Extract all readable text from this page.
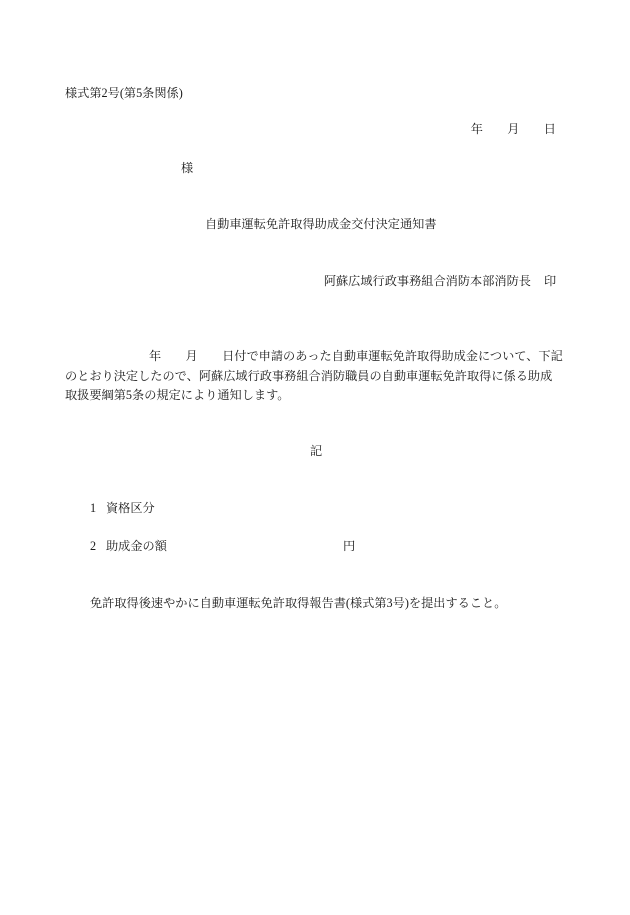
様式第2号(第5条関係)
年　　月　　日
様
自動車運転免許取得助成金交付決定通知書
阿蘇広域行政事務組合消防本部消防長 印
年　　月　　日付で申請のあった自動車運転免許取得助成金について、下記
のとおり決定したので、阿蘇広域行政事務組合消防職員の自動車運転免許取得に係る助成
取扱要綱第5条の規定により通知します。
記
1 資格区分
2 助成金の額	円
免許取得後速やかに自動車運転免許取得報告書(様式第3号)を提出すること。
